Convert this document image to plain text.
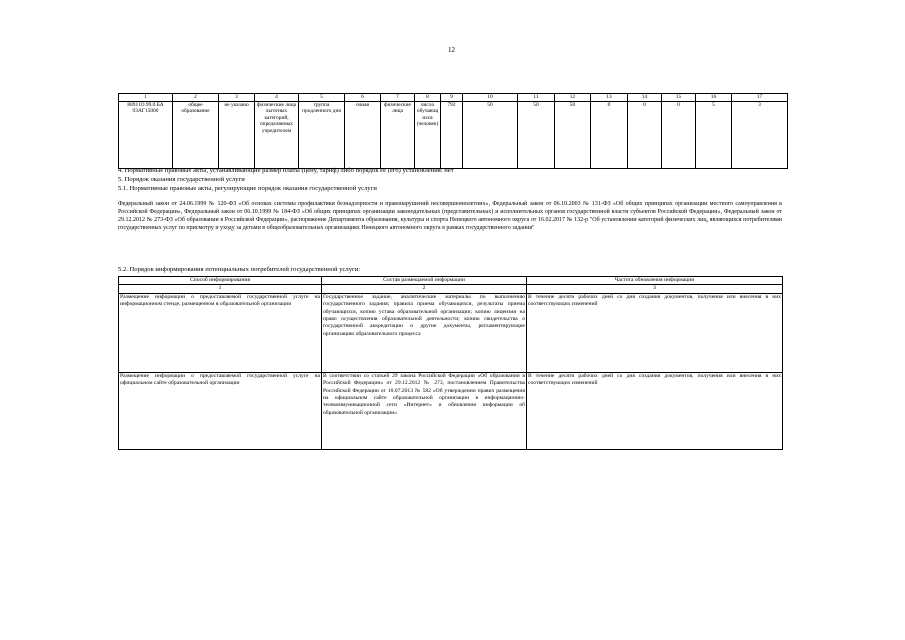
12
1	2	3	4	5	6	7	8	9	10	11	12	13	14	15	16	17
88911О.99.0.БА 93АГ15000	общее образование	не указано	физические лица льготных категорий, определяемых учредителем	группа продленного дня	очная	физические лица	число обучающ ихся (человек)	792	50	50	50	0	0	0	5	3
4. Нормативные правовые акты, устанавливающие размер платы (цену, тариф) либо порядок ее (его) установления: нет
5. Порядок оказания государственной услуги
5.1. Нормативные правовые акты, регулирующие порядок оказания государственной услуги
Федеральный закон от 24.06.1999 № 120-ФЗ «Об основах системы профилактики безнадзорности и правонарушений несовершеннолетних», Федеральный закон от 06.10.2003 № 131-ФЗ «Об общих принципах организации местного самоуправления в Российской Федерации», Федеральный закон от 06.10.1999 № 184-ФЗ «Об общих принципах организации законодательных (представительных) и исполнительных органов государственной власти субъектов Российской Федерации», Федеральный закон от 29.12.2012 № 273-ФЗ «Об образовании в Российской Федерации», распоряжение Департамента образования, культуры и спорта Ненецкого автономного округа от 16.02.2017 № 132-р "Об установлении категорий физических лиц, являющихся потребителями государственных услуг по присмотру и уходу за детьми в общеобразовательных организациях Ненецкого автономного округа в рамках государственного задания"
5.2. Порядок информирования потенциальных потребителей государственной услуги:
Способ информирования	Состав размещаемой информации	Частота обновления информации
1	2	3
Размещение информации о предоставляемой государственной услуге на информационном стенде, размещенном в образовательной организации	Государственное задание, аналитические материалы по выполнению государственного задания; правила приема обучающихся, результаты приема обучающихся, копию устава образовательной организации; копию лицензии на право осуществления образовательной деятельности; копию свидетельства о государственной аккредитации и другие документы, регламентирующие организацию образовательного процесса	В течение десяти рабочих дней со дня создания документов, получения или внесения в них соответствующих изменений
Размещение информации о предоставляемой государственной услуге на официальном сайте образовательной организации	В соответствии со статьей 29 закона Российской Федерации «Об образовании в Российской Федерации» от 29.12.2012 № 273, постановлением Правительства Российской Федерации от 10.07.2013 № 582 «Об утверждении правил размещения на официальном сайте образовательной организации в информационно-телекоммуникационной сети «Интернет» и обновления информации об образовательной организации»	В течение десяти рабочих дней со дня создания документов, получения или внесения в них соответствующих изменений
